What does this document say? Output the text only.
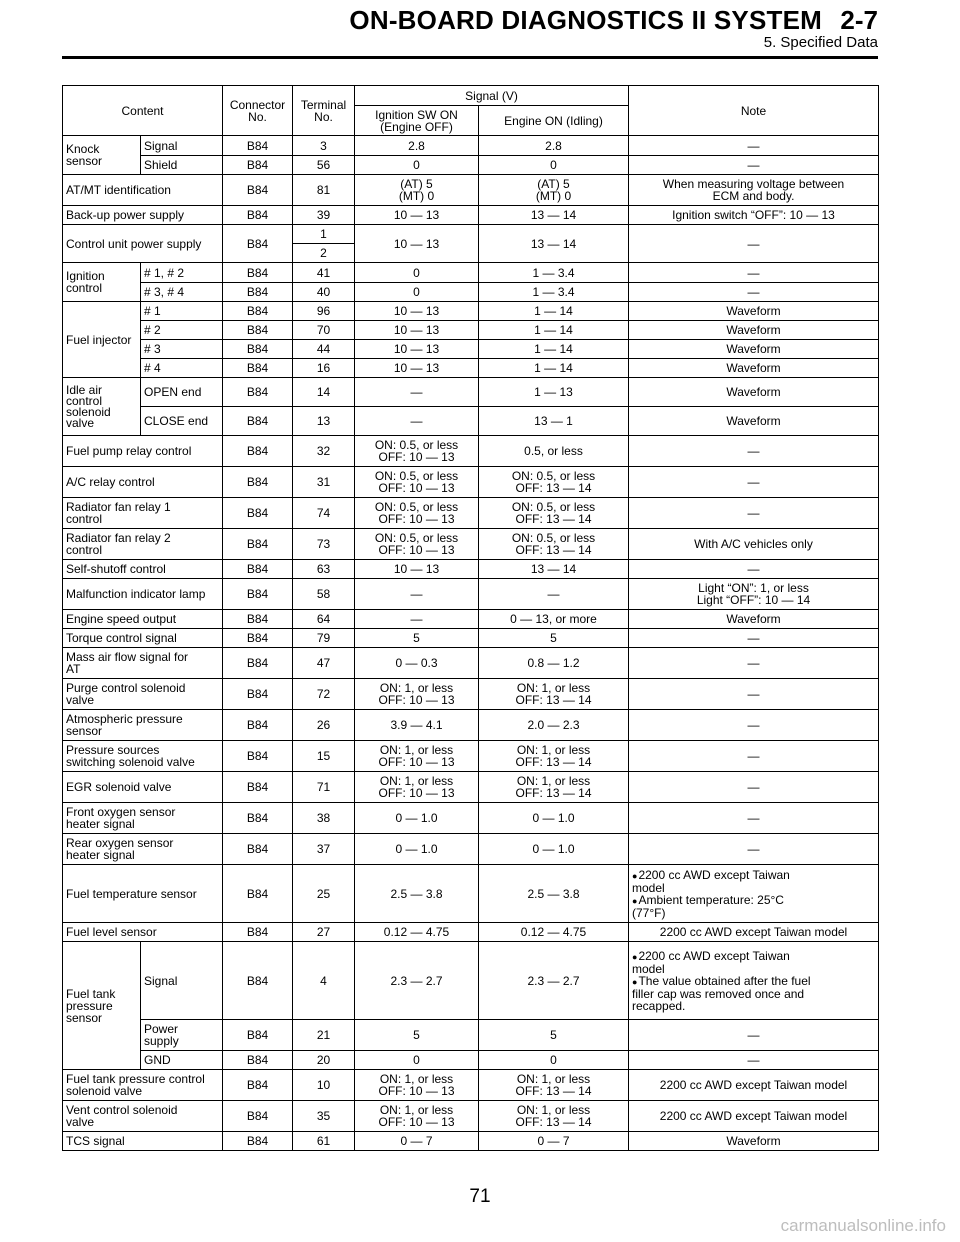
ON-BOARD DIAGNOSTICS II SYSTEM 2-7
5. Specified Data
Content		Connector No.	Terminal No.	Signal (V)		Note
				Ignition SW ON (Engine OFF)	Engine ON (Idling)	
Knock sensor	Signal	B84	3	2.8	2.8	—
	Shield	B84	56	0	0	—
AT/MT identification		B84	81	(AT) 5
(MT) 0	(AT) 5
(MT) 0	When measuring voltage between
ECM and body.
Back-up power supply		B84	39	10 — 13	13 — 14	Ignition switch “OFF”: 10 — 13
Control unit power supply		B84	1	10 — 13	13 — 14	—
			2			
Ignition control	# 1, # 2	B84	41	0	1 — 3.4	—
	# 3, # 4	B84	40	0	1 — 3.4	—
Fuel injector	# 1	B84	96	10 — 13	1 — 14	Waveform
	# 2	B84	70	10 — 13	1 — 14	Waveform
	# 3	B84	44	10 — 13	1 — 14	Waveform
	# 4	B84	16	10 — 13	1 — 14	Waveform
Idle air control solenoid valve	OPEN end	B84	14	—	1 — 13	Waveform
	CLOSE end	B84	13	—	13 — 1	Waveform
Fuel pump relay control		B84	32	ON: 0.5, or less
OFF: 10 — 13	0.5, or less	—
A/C relay control		B84	31	ON: 0.5, or less
OFF: 10 — 13	ON: 0.5, or less
OFF: 13 — 14	—
Radiator fan relay 1
control		B84	74	ON: 0.5, or less
OFF: 10 — 13	ON: 0.5, or less
OFF: 13 — 14	—
Radiator fan relay 2
control		B84	73	ON: 0.5, or less
OFF: 10 — 13	ON: 0.5, or less
OFF: 13 — 14	With A/C vehicles only
Self-shutoff control		B84	63	10 — 13	13 — 14	—
Malfunction indicator lamp		B84	58	—	—	Light “ON”: 1, or less
Light “OFF”: 10 — 14
Engine speed output		B84	64	—	0 — 13, or more	Waveform
Torque control signal		B84	79	5	5	—
Mass air flow signal for
AT		B84	47	0 — 0.3	0.8 — 1.2	—
Purge control solenoid
valve		B84	72	ON: 1, or less
OFF: 10 — 13	ON: 1, or less
OFF: 13 — 14	—
Atmospheric pressure
sensor		B84	26	3.9 — 4.1	2.0 — 2.3	—
Pressure sources
switching solenoid valve		B84	15	ON: 1, or less
OFF: 10 — 13	ON: 1, or less
OFF: 13 — 14	—
EGR solenoid valve		B84	71	ON: 1, or less
OFF: 10 — 13	ON: 1, or less
OFF: 13 — 14	—
Front oxygen sensor
heater signal		B84	38	0 — 1.0	0 — 1.0	—
Rear oxygen sensor
heater signal		B84	37	0 — 1.0	0 — 1.0	—
Fuel temperature sensor		B84	25	2.5 — 3.8	2.5 — 3.8	● 2200 cc AWD except Taiwan
model
● Ambient temperature: 25°C
(77°F)
Fuel level sensor		B84	27	0.12 — 4.75	0.12 — 4.75	2200 cc AWD except Taiwan model
Fuel tank pressure sensor	Signal	B84	4	2.3 — 2.7	2.3 — 2.7	● 2200 cc AWD except Taiwan
model
● The value obtained after the fuel
filler cap was removed once and
recapped.
	Power
supply	B84	21	5	5	—
	GND	B84	20	0	0	—
Fuel tank pressure control
solenoid valve		B84	10	ON: 1, or less
OFF: 10 — 13	ON: 1, or less
OFF: 13 — 14	2200 cc AWD except Taiwan model
Vent control solenoid
valve		B84	35	ON: 1, or less
OFF: 10 — 13	ON: 1, or less
OFF: 13 — 14	2200 cc AWD except Taiwan model
TCS signal		B84	61	0 — 7	0 — 7	Waveform
71
carmanualsonline.info
